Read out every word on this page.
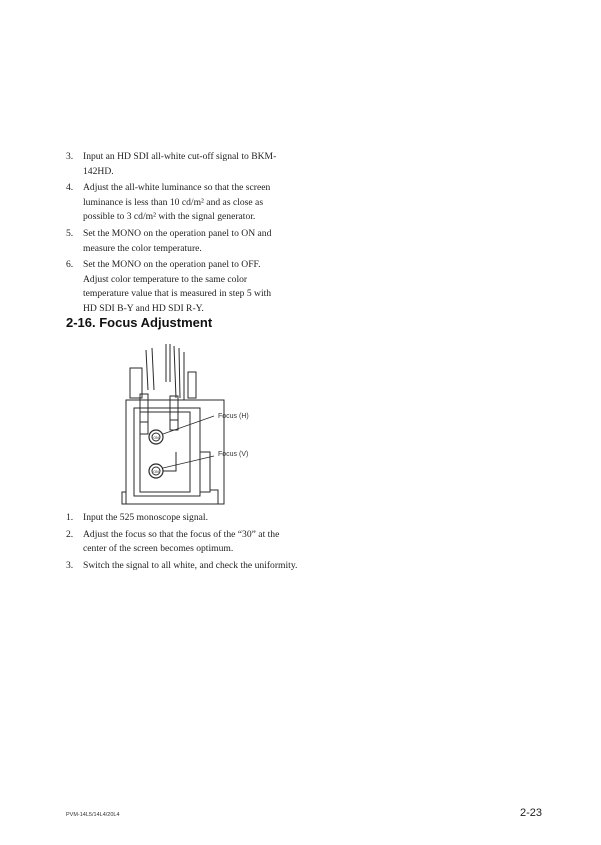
3. Input an HD SDI all-white cut-off signal to BKM-142HD.
4. Adjust the all-white luminance so that the screen luminance is less than 10 cd/m² and as close as possible to 3 cd/m² with the signal generator.
5. Set the MONO on the operation panel to ON and measure the color temperature.
6. Set the MONO on the operation panel to OFF. Adjust color temperature to the same color temperature value that is measured in step 5 with HD SDI B-Y and HD SDI R-Y.
2-16. Focus Adjustment
ON
ON
Focus (H)
Focus (V)
1. Input the 525 monoscope signal.
2. Adjust the focus so that the focus of the “30” at the center of the screen becomes optimum.
3. Switch the signal to all white, and check the uniformity.
PVM-14L5/14L4/20L4	2-23
